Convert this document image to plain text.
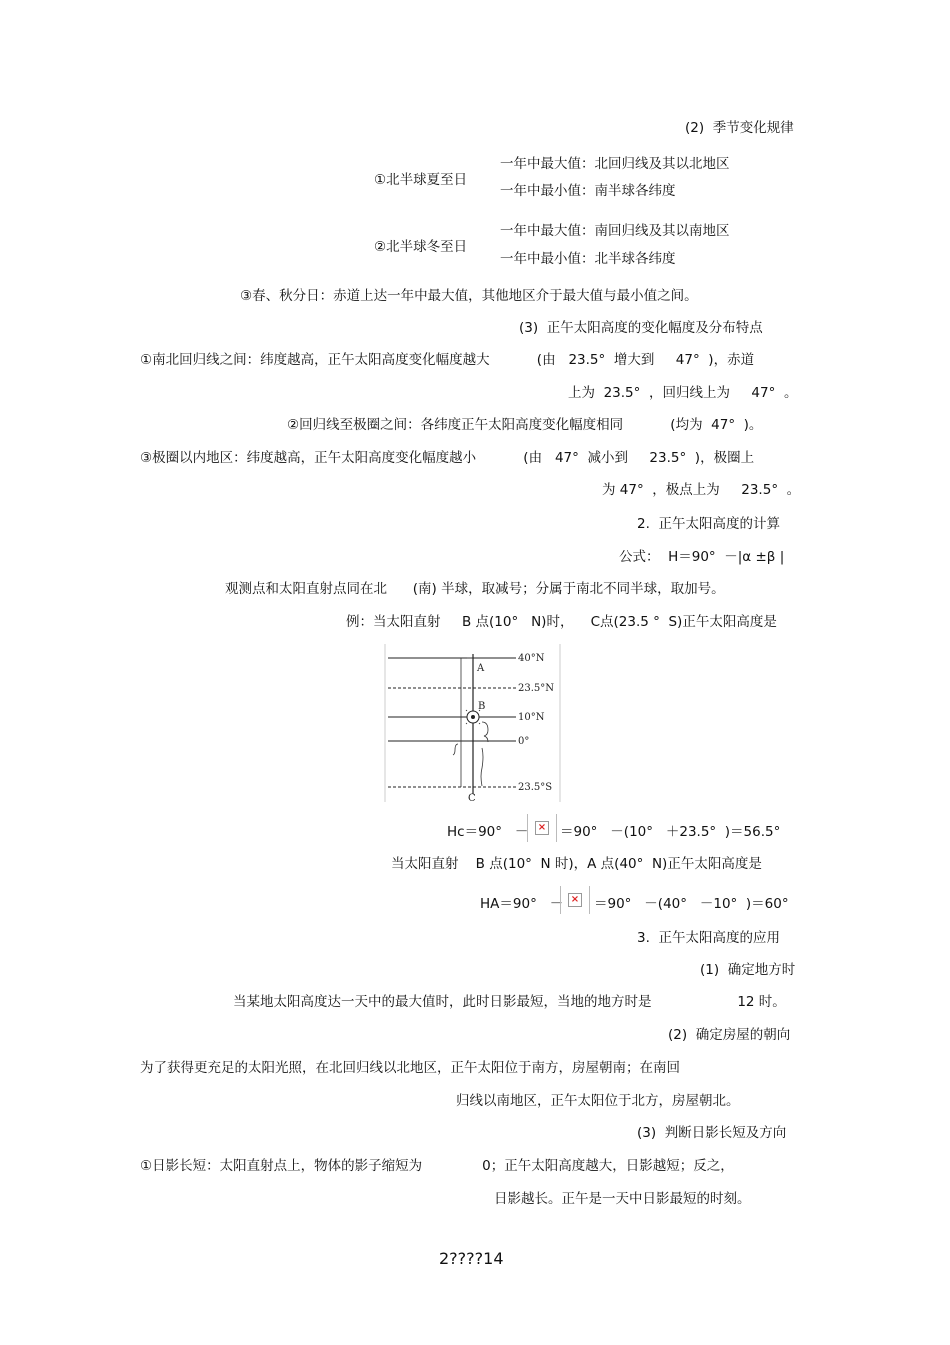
(2)  季节变化规律
①北半球夏至日
一年中最大值：北回归线及其以北地区
一年中最小值：南半球各纬度
②北半球冬至日
一年中最大值：南回归线及其以南地区
一年中最小值：北半球各纬度
③春、秋分日：赤道上达一年中最大值，其他地区介于最大值与最小值之间。
(3)  正午太阳高度的变化幅度及分布特点
①南北回归线之间：纬度越高，正午太阳高度变化幅度越大           (由   23.5°  增大到     47°  )，赤道
上为  23.5°  ，回归线上为     47°  。
②回归线至极圈之间：各纬度正午太阳高度变化幅度相同           (均为  47°  )。
③极圈以内地区：纬度越高，正午太阳高度变化幅度越小           (由   47°  减小到     23.5°  )，极圈上
为 47°  ，极点上为     23.5°  。
2.  正午太阳高度的计算
公式：  H＝90°  －|α ±β |
观测点和太阳直射点同在北      (南) 半球，取减号；分属于南北不同半球，取加号。
例：当太阳直射     B 点(10°   N)时，    C点(23.5 °  S)正午太阳高度是
A
B
C
40°N
23.5°N
10°N
0°
23.5°S
Hc＝90°   － × ＝90°   －(10°   ＋23.5°  )＝56.5°
当太阳直射    B 点(10°  N 时)，A 点(40°  N)正午太阳高度是
HA＝90°   － × ＝90°   －(40°   －10°  )＝60°
3.  正午太阳高度的应用
(1)  确定地方时
当某地太阳高度达一天中的最大值时，此时日影最短，当地的地方时是                    12 时。
(2)  确定房屋的朝向
为了获得更充足的太阳光照，在北回归线以北地区，正午太阳位于南方，房屋朝南；在南回
归线以南地区，正午太阳位于北方，房屋朝北。
(3)  判断日影长短及方向
①日影长短：太阳直射点上，物体的影子缩短为              0；正午太阳高度越大，日影越短；反之，
日影越长。正午是一天中日影最短的时刻。
2????14
